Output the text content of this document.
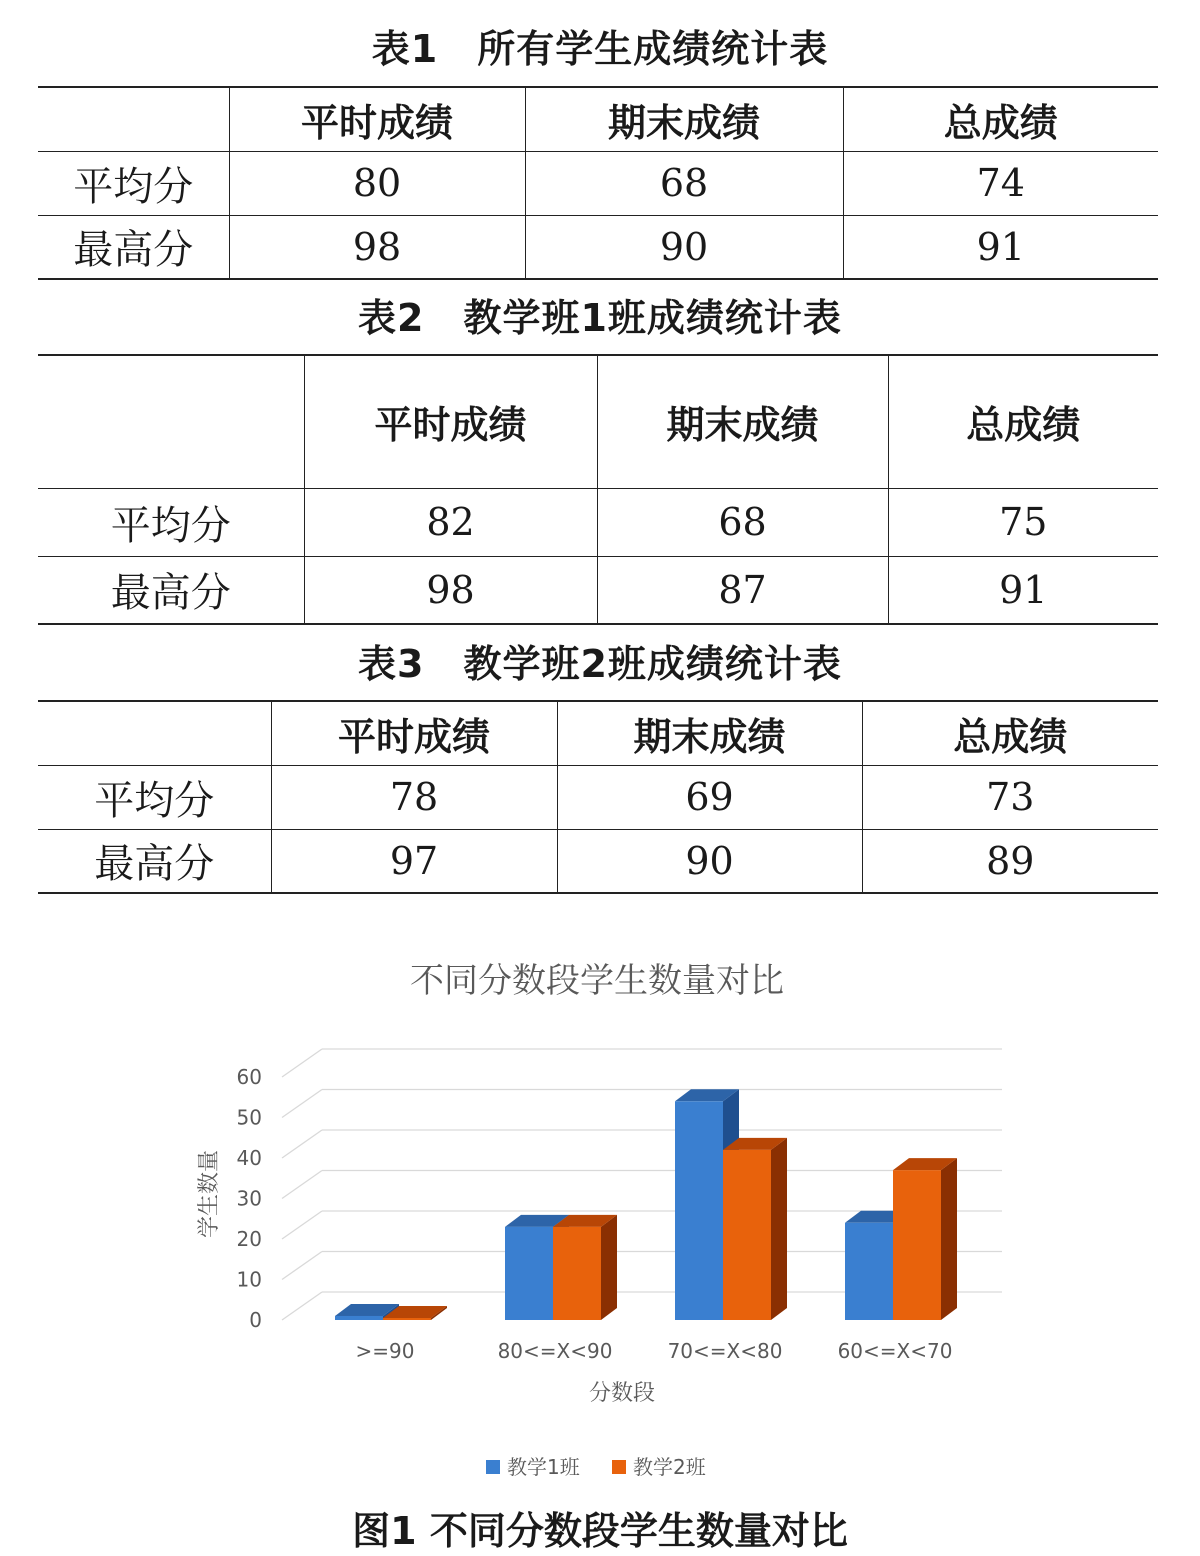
表1　所有学生成绩统计表
	平时成绩	期末成绩	总成绩
平均分	80	68	74
最高分	98	90	91
表2　教学班1班成绩统计表
	平时成绩	期末成绩	总成绩
平均分	82	68	75
最高分	98	87	91
表3　教学班2班成绩统计表
	平时成绩	期末成绩	总成绩
平均分	78	69	73
最高分	97	90	89
不同分数段学生数量对比
0
10
20
30
40
50
60
>=90	80<=X<90	70<=X<80	60<=X<70
学生数量
分数段
教学1班	教学2班
图1 不同分数段学生数量对比
